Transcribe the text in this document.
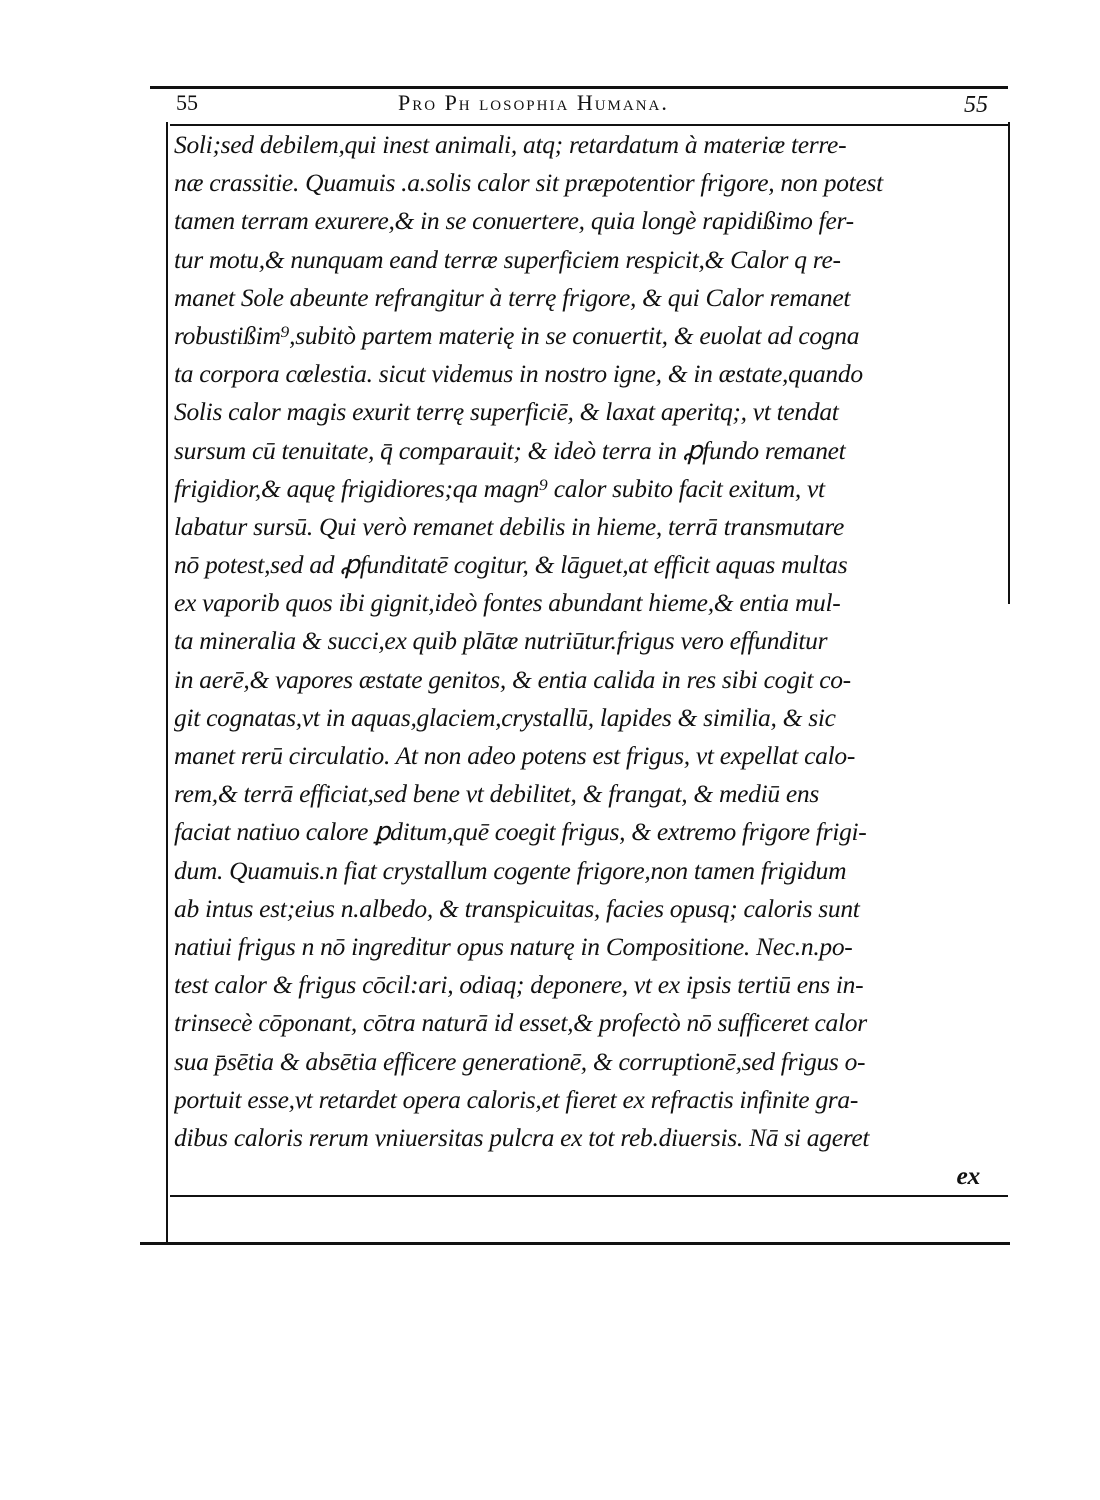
55	Pro Ph losophia Humana.	55
Soli;sed debilem,qui inest animali, atq; retardatum à materiæ terre-
næ crassitie. Quamuis .a.solis calor sit præpotentior frigore, non potest
tamen terram exurere,& in se conuertere, quia longè rapidißimo fer-
tur motu,& nunquam eand terræ superficiem respicit,& Calor q re-
manet Sole abeunte refrangitur à terrę frigore, & qui Calor remanet
robustißim⁹,subitò partem materię in se conuertit, & euolat ad cogna
ta corpora cœlestia. sicut videmus in nostro igne, & in æstate,quando
Solis calor magis exurit terrę superficiē, & laxat aperitq;, vt tendat
sursum cū tenuitate, q̄ comparauit; & ideò terra in ꝓfundo remanet
frigidior,& aquę frigidiores;qa magn⁹ calor subito facit exitum, vt
labatur sursū. Qui verò remanet debilis in hieme, terrā transmutare
nō potest,sed ad ꝓfunditatē cogitur, & lāguet,at efficit aquas multas
ex vaporib quos ibi gignit,ideò fontes abundant hieme,& entia mul-
ta mineralia & succi,ex quib plātæ nutriūtur.frigus vero effunditur
in aerē,& vapores æstate genitos, & entia calida in res sibi cogit co-
git cognatas,vt in aquas,glaciem,crystallū, lapides & similia, & sic
manet rerū circulatio. At non adeo potens est frigus, vt expellat calo-
rem,& terrā efficiat,sed bene vt debilitet, & frangat, & mediū ens
faciat natiuo calore ꝑditum,quē coegit frigus, & extremo frigore frigi-
dum. Quamuis.n fiat crystallum cogente frigore,non tamen frigidum
ab intus est;eius n.albedo, & transpicuitas, facies opusq; caloris sunt
natiui frigus n nō ingreditur opus naturę in Compositione. Nec.n.po-
test calor & frigus cōcil:ari, odiaq; deponere, vt ex ipsis tertiū ens in-
trinsecè cōponant, cōtra naturā id esset,& profectò nō sufficeret calor
sua p̄sētia & absētia efficere generationē, & corruptionē,sed frigus o-
portuit esse,vt retardet opera caloris,et fieret ex refractis infinite gra-
dibus caloris rerum vniuersitas pulcra ex tot reb.diuersis. Nā si ageret
ex
